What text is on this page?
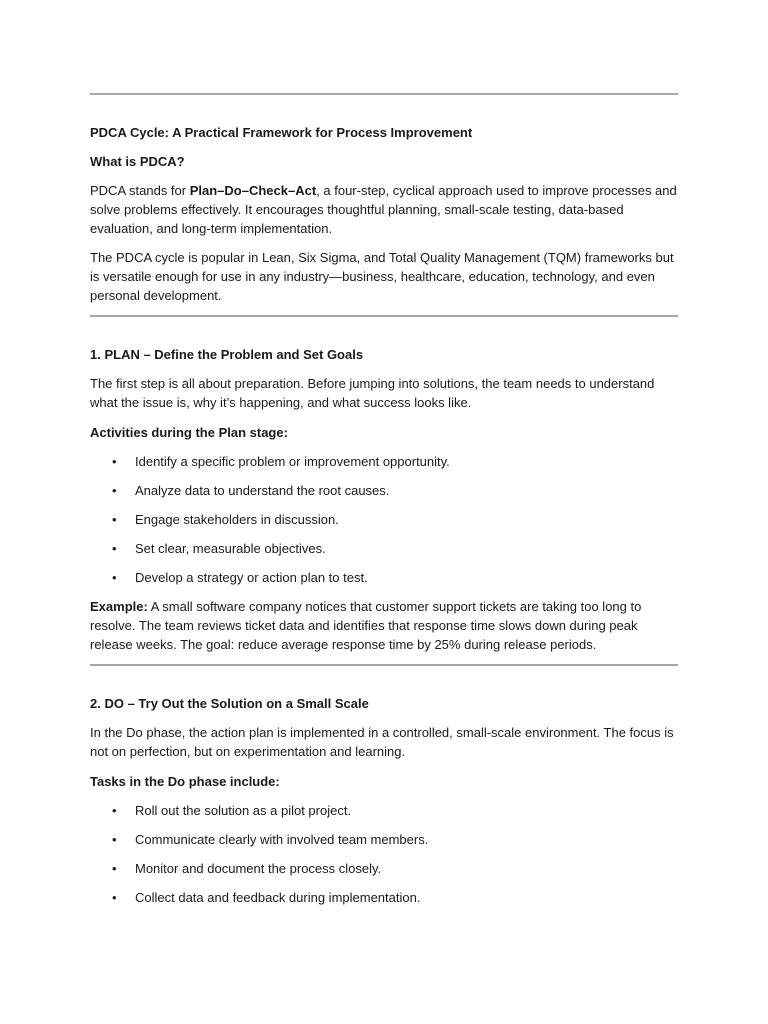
PDCA Cycle: A Practical Framework for Process Improvement

What is PDCA?

PDCA stands for Plan–Do–Check–Act, a four-step, cyclical approach used to improve processes and solve problems effectively. It encourages thoughtful planning, small-scale testing, data-based evaluation, and long-term implementation.

The PDCA cycle is popular in Lean, Six Sigma, and Total Quality Management (TQM) frameworks but is versatile enough for use in any industry—business, healthcare, education, technology, and even personal development.

1. PLAN – Define the Problem and Set Goals

The first step is all about preparation. Before jumping into solutions, the team needs to understand what the issue is, why it’s happening, and what success looks like.

Activities during the Plan stage:

• Identify a specific problem or improvement opportunity.
• Analyze data to understand the root causes.
• Engage stakeholders in discussion.
• Set clear, measurable objectives.
• Develop a strategy or action plan to test.

Example: A small software company notices that customer support tickets are taking too long to resolve. The team reviews ticket data and identifies that response time slows down during peak release weeks. The goal: reduce average response time by 25% during release periods.

2. DO – Try Out the Solution on a Small Scale

In the Do phase, the action plan is implemented in a controlled, small-scale environment. The focus is not on perfection, but on experimentation and learning.

Tasks in the Do phase include:

• Roll out the solution as a pilot project.
• Communicate clearly with involved team members.
• Monitor and document the process closely.
• Collect data and feedback during implementation.
